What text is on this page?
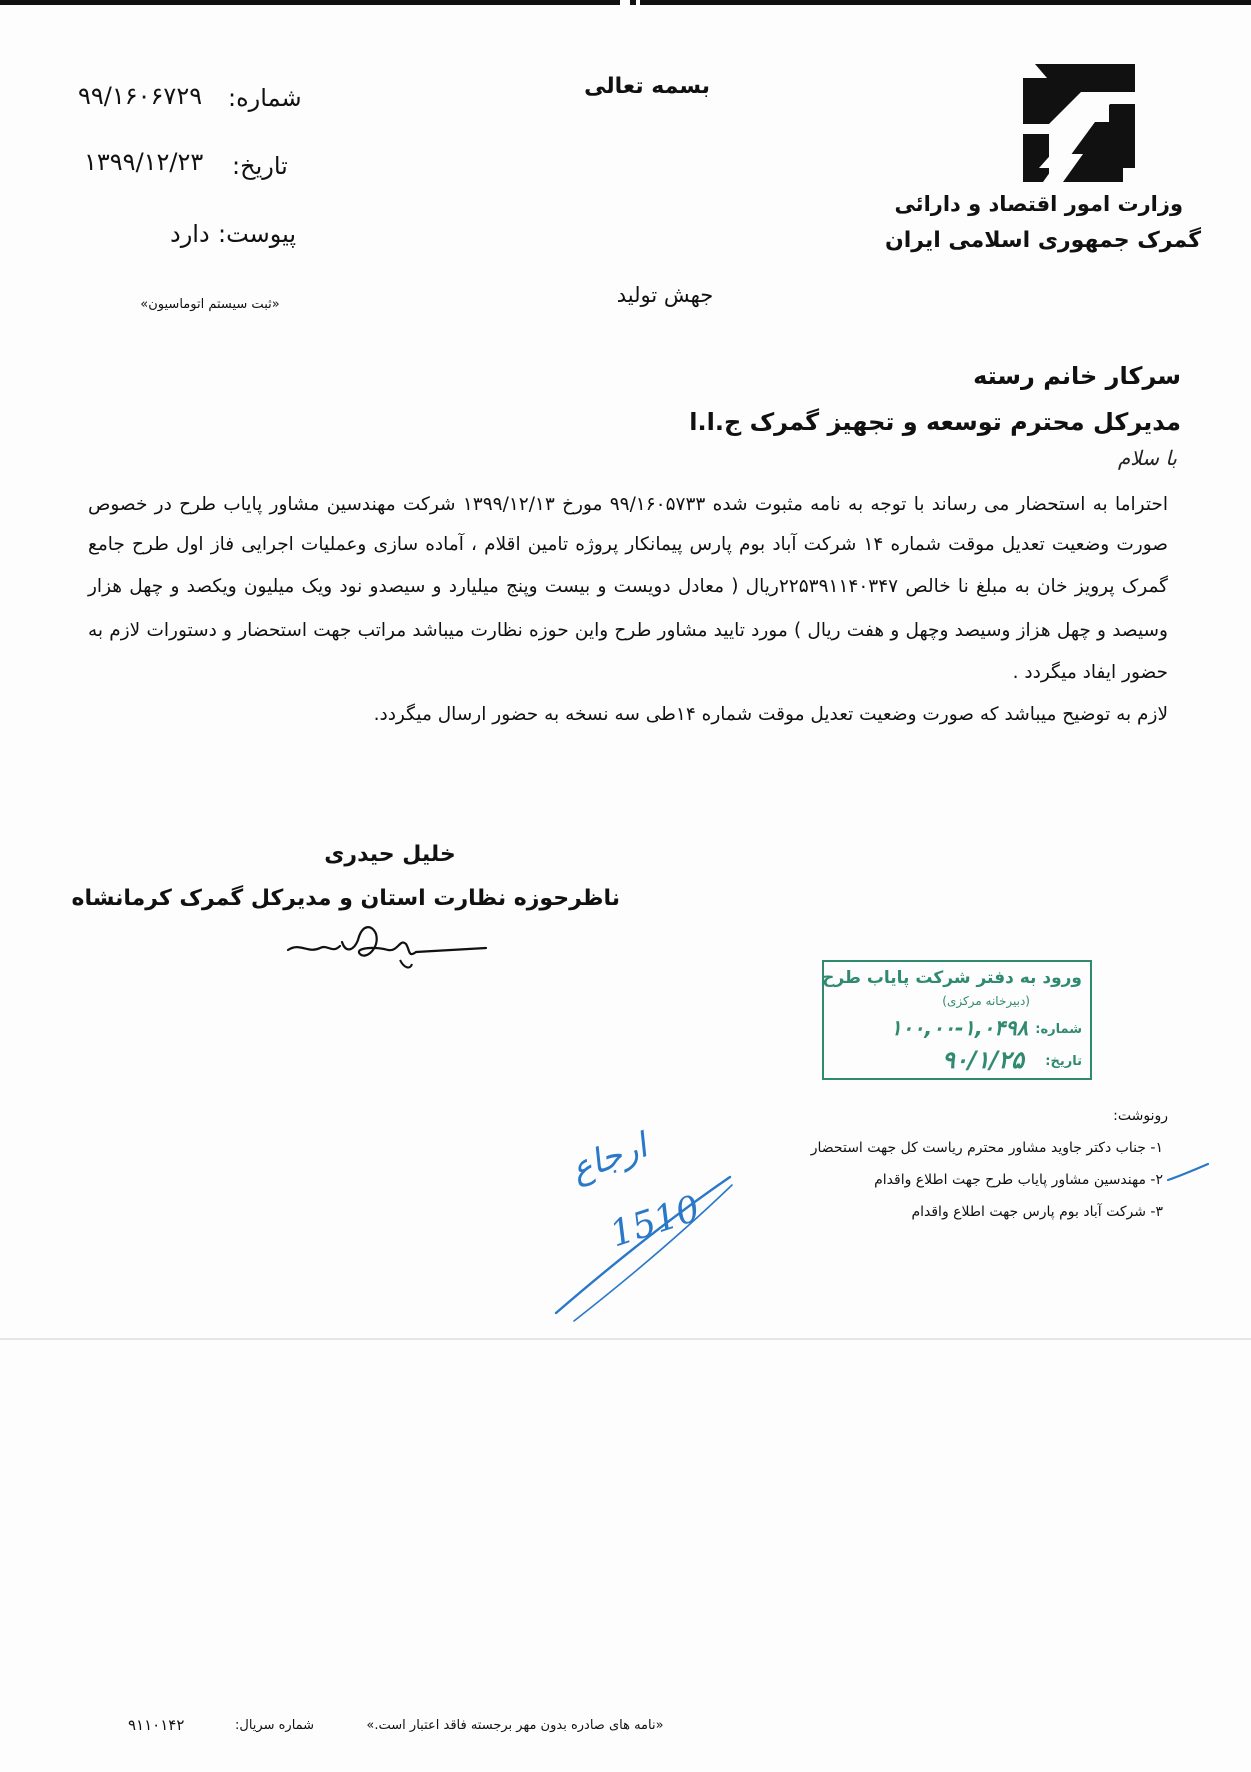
وزارت امور اقتصاد و دارائی
گمرک جمهوری اسلامی ایران
بسمه تعالی
جهش تولید
شماره:
۹۹/۱۶۰۶۷۲۹
تاریخ:
۱۳۹۹/۱۲/۲۳
پیوست:
دارد
«ثبت سیستم اتوماسیون»
سرکار خانم رسته
مدیرکل محترم توسعه و تجهیز گمرک ج.ا.ا
با سلام
احتراما به استحضار می رساند با توجه به نامه مثبوت شده ۹۹/۱۶۰۵۷۳۳ مورخ ۱۳۹۹/۱۲/۱۳ شرکت مهندسین مشاور پایاب طرح در خصوص
صورت وضعیت تعدیل موقت شماره ۱۴ شرکت آباد بوم پارس پیمانکار پروژه تامین اقلام ، آماده سازی وعملیات اجرایی فاز اول طرح جامع
گمرک پرویز خان به مبلغ نا خالص ۲۲۵۳۹۱۱۴۰۳۴۷ریال ( معادل دویست و بیست وپنج میلیارد و سیصدو نود ویک میلیون ویکصد و چهل هزار
وسیصد و چهل هزاز وسیصد وچهل و هفت ریال ) مورد تایید مشاور طرح واین حوزه نظارت میباشد مراتب جهت استحضار و دستورات لازم به
حضور ایفاد میگردد .
لازم به توضیح میباشد که صورت وضعیت تعدیل موقت شماره ۱۴طی سه نسخه به حضور ارسال میگردد.
خلیل حیدری
ناظرحوزه نظارت استان و مدیرکل گمرک کرمانشاه
ورود به دفتر شرکت پایاب طرح
(دبیرخانه مرکزی)
شماره:
۱۰۰,۰۰-۱,۰۴۹۸
تاریخ:
۹۰/۱/۲۵
رونوشت:
۱- جناب دکتر جاوید مشاور محترم ریاست کل جهت استحضار
۲- مهندسین مشاور پایاب طرح جهت اطلاع واقدام
۳- شرکت آباد بوم پارس جهت اطلاع واقدام
ارجاع
1510
«نامه های صادره بدون مهر برجسته فاقد اعتبار است.»
شماره سریال:
۹۱۱۰۱۴۲
